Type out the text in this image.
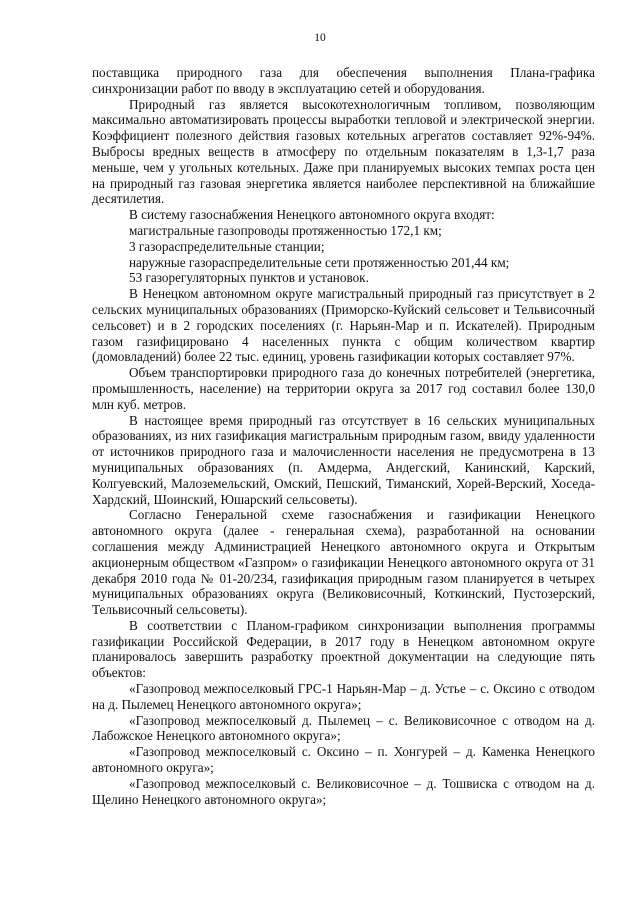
10

поставщика природного газа для обеспечения выполнения Плана-графика синхронизации работ по вводу в эксплуатацию сетей и оборудования.

Природный газ является высокотехнологичным топливом, позволяющим максимально автоматизировать процессы выработки тепловой и электрической энергии. Коэффициент полезного действия газовых котельных агрегатов составляет 92%-94%. Выбросы вредных веществ в атмосферу по отдельным показателям в 1,3-1,7 раза меньше, чем у угольных котельных. Даже при планируемых высоких темпах роста цен на природный газ газовая энергетика является наиболее перспективной на ближайшие десятилетия.

В систему газоснабжения Ненецкого автономного округа входят:

магистральные газопроводы протяженностью 172,1 км;

3 газораспределительные станции;

наружные газораспределительные сети протяженностью 201,44 км;

53 газорегуляторных пунктов и установок.

В Ненецком автономном округе магистральный природный газ присутствует в 2 сельских муниципальных образованиях (Приморско-Куйский сельсовет и Тельвисочный сельсовет) и в 2 городских поселениях (г. Нарьян-Мар и п. Искателей). Природным газом газифицировано 4 населенных пункта с общим количеством квартир (домовладений) более 22 тыс. единиц, уровень газификации которых составляет 97%.

Объем транспортировки природного газа до конечных потребителей (энергетика, промышленность, население) на территории округа за 2017 год составил более 130,0 млн куб. метров.

В настоящее время природный газ отсутствует в 16 сельских муниципальных образованиях, из них газификация магистральным природным газом, ввиду удаленности от источников природного газа и малочисленности населения не предусмотрена в 13 муниципальных образованиях (п. Амдерма, Андегский, Канинский, Карский, Колгуевский, Малоземельский, Омский, Пешский, Тиманский, Хорей-Верский, Хоседа-Хардский, Шоинский, Юшарский сельсоветы).

Согласно Генеральной схеме газоснабжения и газификации Ненецкого автономного округа (далее - генеральная схема), разработанной на основании соглашения между Администрацией Ненецкого автономного округа и Открытым акционерным обществом «Газпром» о газификации Ненецкого автономного округа от 31 декабря 2010 года № 01-20/234, газификация природным газом планируется в четырех муниципальных образованиях округа (Великовисочный, Коткинский, Пустозерский, Тельвисочный сельсоветы).

В соответствии с Планом-графиком синхронизации выполнения программы газификации Российской Федерации, в 2017 году в Ненецком автономном округе планировалось завершить разработку проектной документации на следующие пять объектов:

«Газопровод межпоселковый ГРС-1 Нарьян-Мар – д. Устье – с. Оксино с отводом на д. Пылемец Ненецкого автономного округа»;

«Газопровод межпоселковый д. Пылемец – с. Великовисочное с отводом на д. Лабожское Ненецкого автономного округа»;

«Газопровод межпоселковый с. Оксино – п. Хонгурей – д. Каменка Ненецкого автономного округа»;

«Газопровод межпоселковый с. Великовисочное – д. Тошвиска с отводом на д. Щелино Ненецкого автономного округа»;
